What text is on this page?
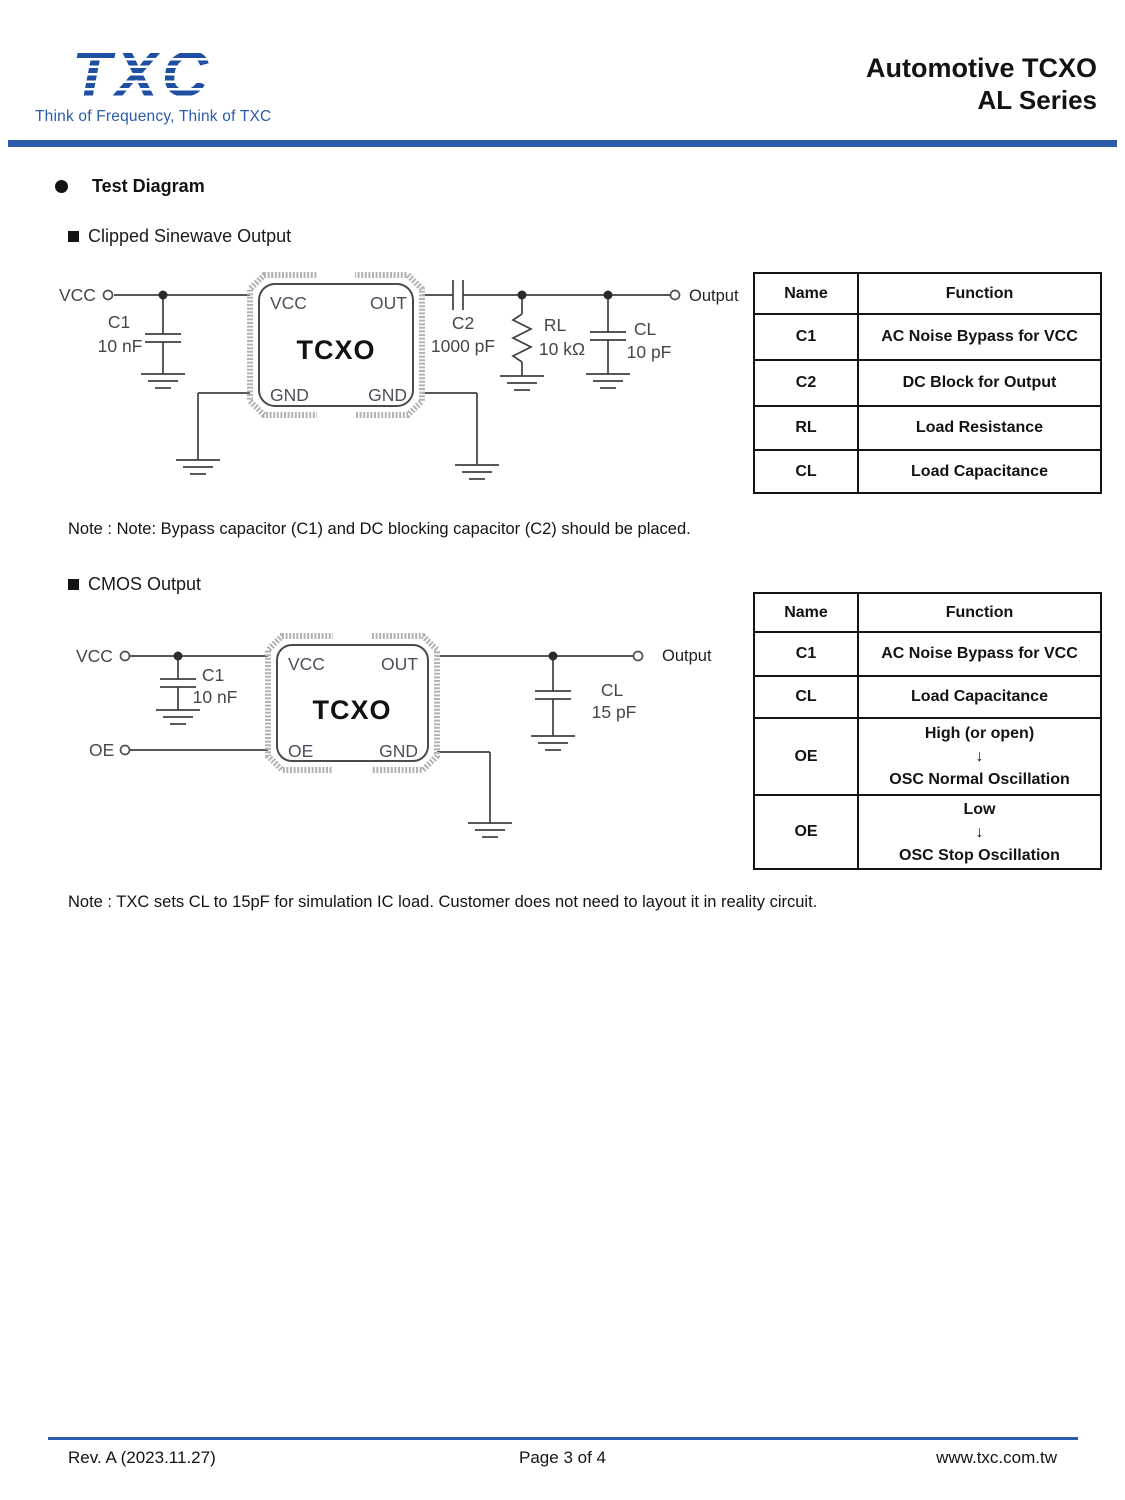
TXC
Think of Frequency, Think of TXC
Automotive TCXO
AL Series
Test Diagram
Clipped Sinewave Output
VCC
C1
10 nF
VCC	OUT
TCXO
GND	GND
C2
1000 pF
RL
10 kΩ
CL
10 pF
Output	Name	Function
C1	AC Noise Bypass for VCC
C2	DC Block for Output
RL	Load Resistance
CL	Load Capacitance
Note : Note: Bypass capacitor (C1) and DC blocking capacitor (C2) should be placed.
CMOS Output
VCC
C1
10 nF
OE
VCC	OUT
TCXO
OE	GND
CL
15 pF
Output
Name	Function
C1	AC Noise Bypass for VCC
CL	Load Capacitance
OE	High (or open)
↓
OSC Normal Oscillation

OE	Low
↓
OSC Stop Oscillation
Note : TXC sets CL to 15pF for simulation IC load. Customer does not need to layout it in reality circuit.
Rev. A (2023.11.27)	Page 3 of 4	www.txc.com.tw
